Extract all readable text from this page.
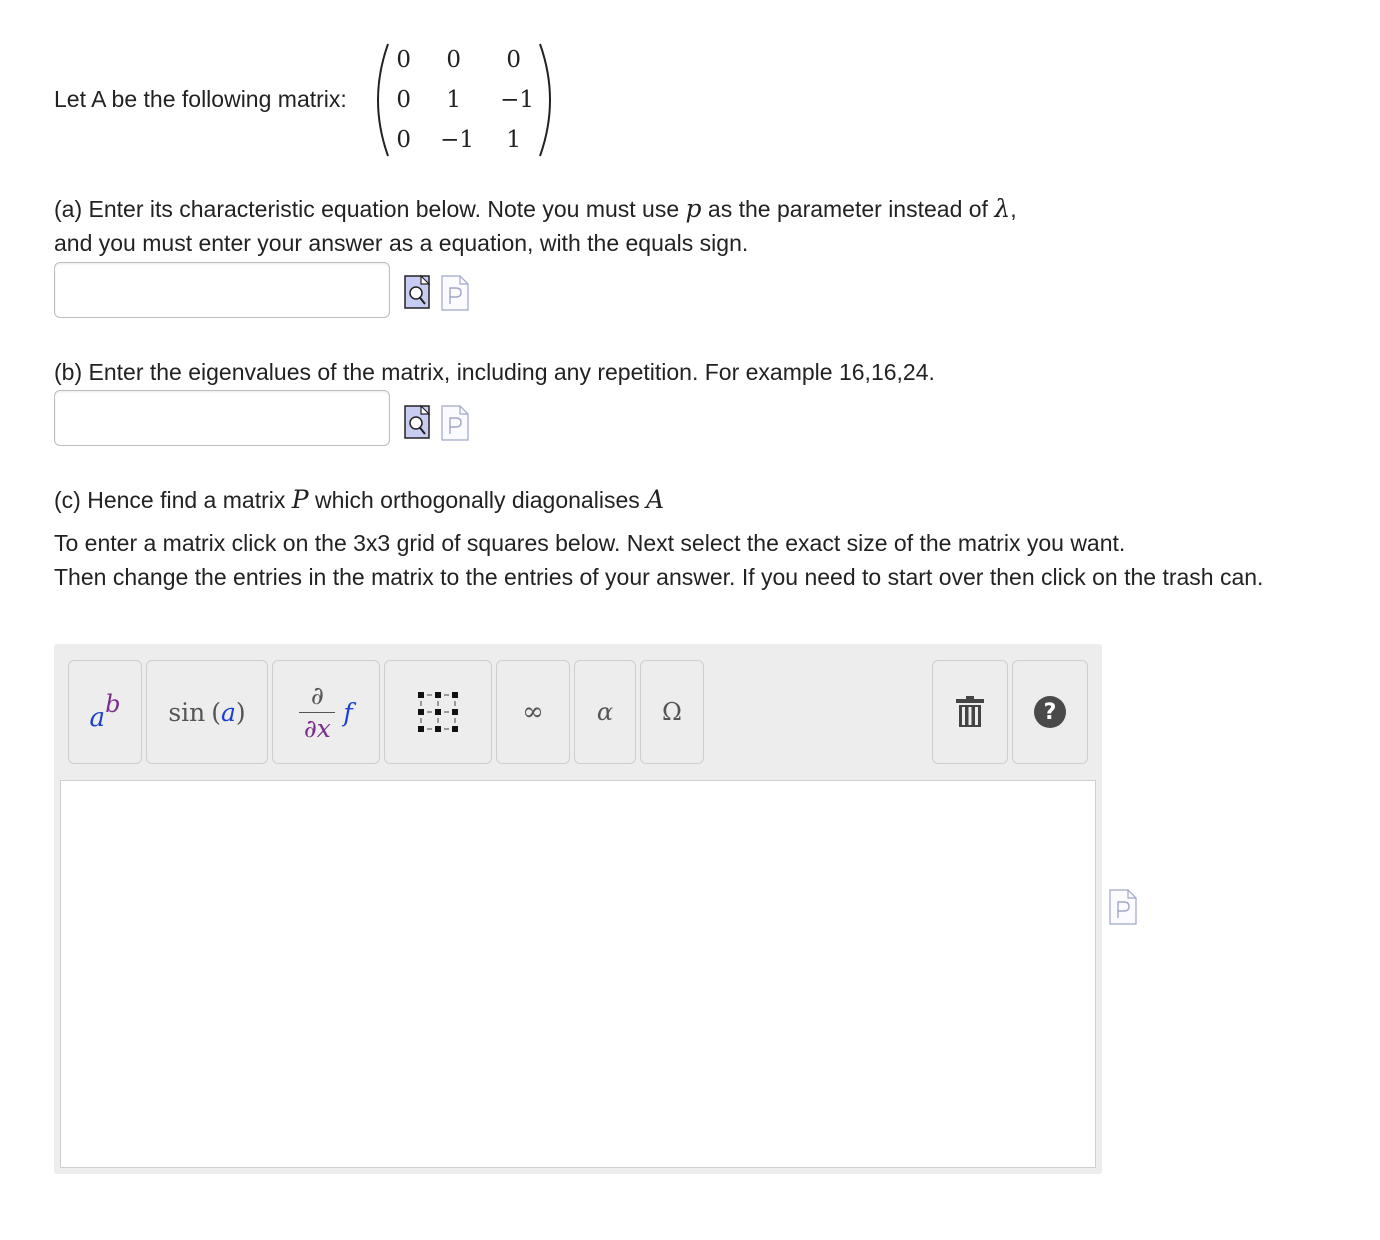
Let A be the following matrix:
0	0	0
0	1	−1
0	−1	1
(a) Enter its characteristic equation below. Note you must use p as the parameter instead of λ,
and you must enter your answer as a equation, with the equals sign.
(b) Enter the eigenvalues of the matrix, including any repetition. For example 16,16,24.
(c) Hence find a matrix P which orthogonally diagonalises A
To enter a matrix click on the 3x3 grid of squares below. Next select the exact size of the matrix you want.
Then change the entries in the matrix to the entries of your answer. If you need to start over then click on the trash can.
a b sin ( a )
∂
∂x
f	∞ α Ω	?
